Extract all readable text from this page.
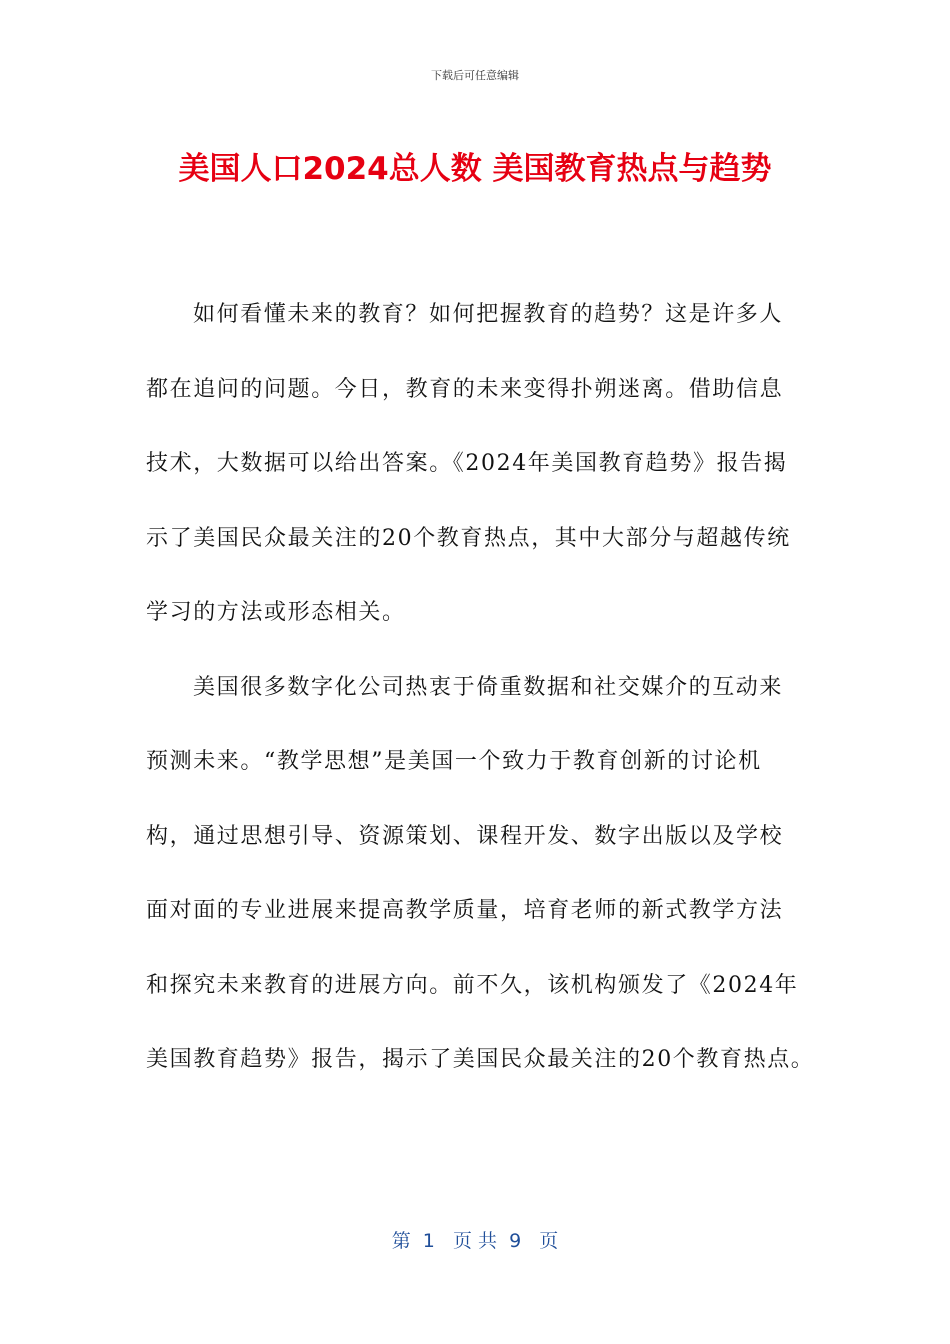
下载后可任意编辑
美国人口2024总人数 美国教育热点与趋势
如何看懂未来的教育？如何把握教育的趋势？这是许多人
都在追问的问题。今日，教育的未来变得扑朔迷离。借助信息
技术，大数据可以给出答案。《2024年美国教育趋势》报告揭
示了美国民众最关注的20个教育热点，其中大部分与超越传统
学习的方法或形态相关。
美国很多数字化公司热衷于倚重数据和社交媒介的互动来
预测未来。“教学思想”是美国一个致力于教育创新的讨论机
构，通过思想引导、资源策划、课程开发、数字出版以及学校
面对面的专业进展来提高教学质量，培育老师的新式教学方法
和探究未来教育的进展方向。前不久，该机构颁发了《2024年
美国教育趋势》报告，揭示了美国民众最关注的20个教育热点。
第  1   页 共  9   页
